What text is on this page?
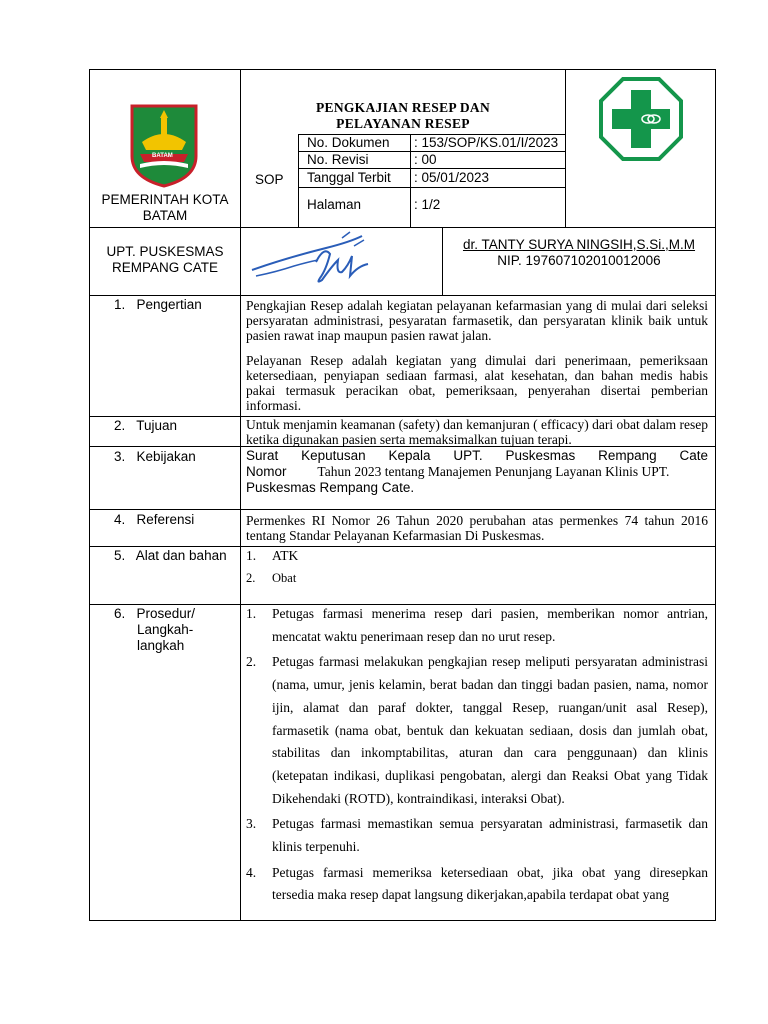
BATAM
PEMERINTAH KOTA
BATAM
PENGKAJIAN RESEP DAN
PELAYANAN RESEP
SOP
No. Dokumen : 153/SOP/KS.01/I/2023
No. Revisi	: 00
Tanggal Terbit : 05/01/2023
Halaman	: 1/2
UPT. PUSKESMAS
REMPANG CATE
dr. TANTY SURYA NINGSIH,S.Si.,M.M
NIP. 197607102010012006
1.   Pengertian	Pengkajian Resep adalah kegiatan pelayanan kefarmasian yang di mulai dari seleksi persyaratan administrasi, pesyaratan farmasetik, dan persyaratan klinik baik untuk pasien rawat inap maupun pasien rawat jalan.
Pelayanan Resep adalah kegiatan yang dimulai dari penerimaan, pemeriksaan ketersediaan, penyiapan sediaan farmasi, alat kesehatan, dan bahan medis habis pakai termasuk peracikan obat, pemeriksaan, penyerahan disertai pemberian informasi.
2.   Tujuan	Untuk menjamin keamanan (safety) dan kemanjuran ( efficacy) dari obat dalam resep ketika digunakan pasien serta memaksimalkan tujuan terapi.
3.   Kebijakan	Surat Keputusan Kepala UPT. Puskesmas Rempang Cate
Nomor Tahun 2023 tentang Manajemen Penunjang Layanan Klinis UPT.
Puskesmas Rempang Cate.
4.   Referensi	Permenkes RI Nomor 26 Tahun 2020 perubahan atas permenkes 74 tahun 2016 tentang Standar Pelayanan Kefarmasian Di Puskesmas.
5.   Alat dan bahan 1. ATK
2. Obat
6.   Prosedur/
Langkah-
langkah
1. Petugas farmasi menerima resep dari pasien, memberikan nomor antrian, mencatat waktu penerimaan resep dan no urut resep.
2. Petugas farmasi melakukan pengkajian resep meliputi persyaratan administrasi (nama, umur, jenis kelamin, berat badan dan tinggi badan pasien, nama, nomor ijin, alamat dan paraf dokter, tanggal Resep, ruangan/unit asal Resep), farmasetik (nama obat, bentuk dan kekuatan sediaan, dosis dan jumlah obat, stabilitas dan inkomptabilitas, aturan dan cara penggunaan) dan klinis (ketepatan indikasi, duplikasi pengobatan, alergi dan Reaksi Obat yang Tidak Dikehendaki (ROTD), kontraindikasi, interaksi Obat).
3. Petugas farmasi memastikan semua persyaratan administrasi, farmasetik dan klinis terpenuhi.
4. Petugas farmasi memeriksa ketersediaan obat, jika obat yang diresepkan tersedia maka resep dapat langsung dikerjakan,apabila terdapat obat yang
